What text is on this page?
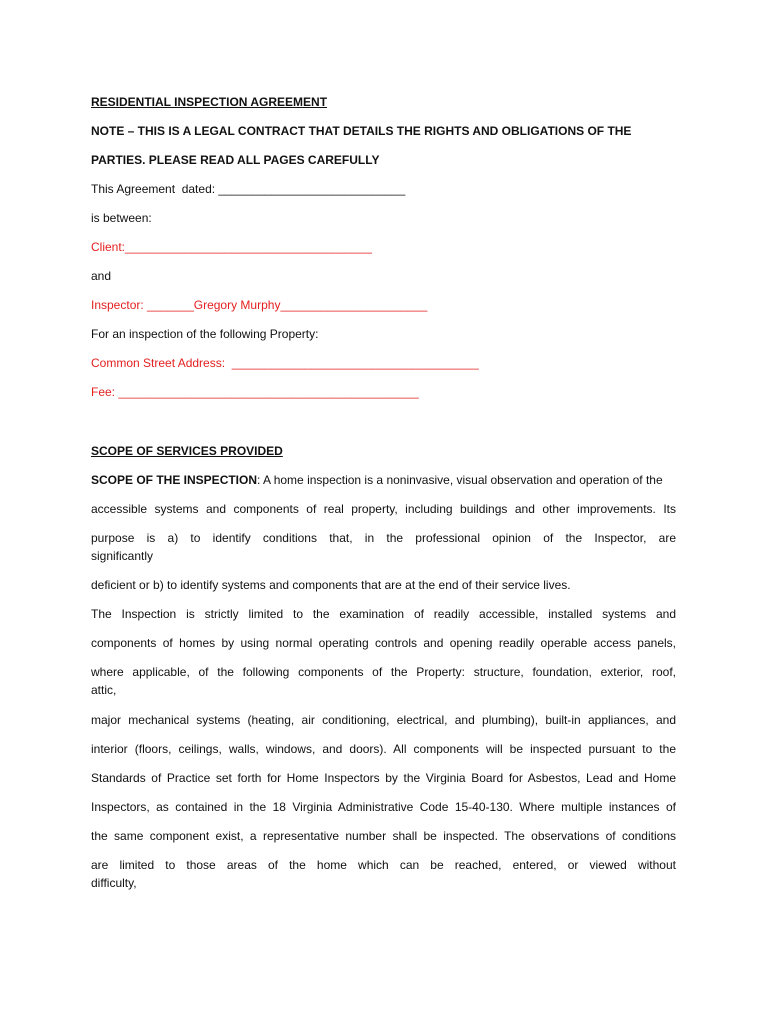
RESIDENTIAL INSPECTION AGREEMENT
NOTE – THIS IS A LEGAL CONTRACT THAT DETAILS THE RIGHTS AND OBLIGATIONS OF THE
PARTIES. PLEASE READ ALL PAGES CAREFULLY
This Agreement  dated: ____________________________
is between:
Client:_____________________________________
and
Inspector: _______Gregory Murphy______________________
For an inspection of the following Property:
Common Street Address:  _____________________________________
Fee: _____________________________________________
SCOPE OF SERVICES PROVIDED
SCOPE OF THE INSPECTION: A home inspection is a noninvasive, visual observation and operation of the
accessible systems and components of real property, including buildings and other improvements. Its
purpose is a) to identify conditions that, in the professional opinion of the Inspector, are
significantly
deficient or b) to identify systems and components that are at the end of their service lives.
The Inspection is strictly limited to the examination of readily accessible, installed systems and
components of homes by using normal operating controls and opening readily operable access panels,
where applicable, of the following components of the Property: structure, foundation, exterior, roof,
attic,
major mechanical systems (heating, air conditioning, electrical, and plumbing), built-in appliances, and
interior (floors, ceilings, walls, windows, and doors). All components will be inspected pursuant to the
Standards of Practice set forth for Home Inspectors by the Virginia Board for Asbestos, Lead and Home
Inspectors, as contained in the 18 Virginia Administrative Code 15-40-130. Where multiple instances of
the same component exist, a representative number shall be inspected. The observations of conditions
are limited to those areas of the home which can be reached, entered, or viewed without
difficulty,
